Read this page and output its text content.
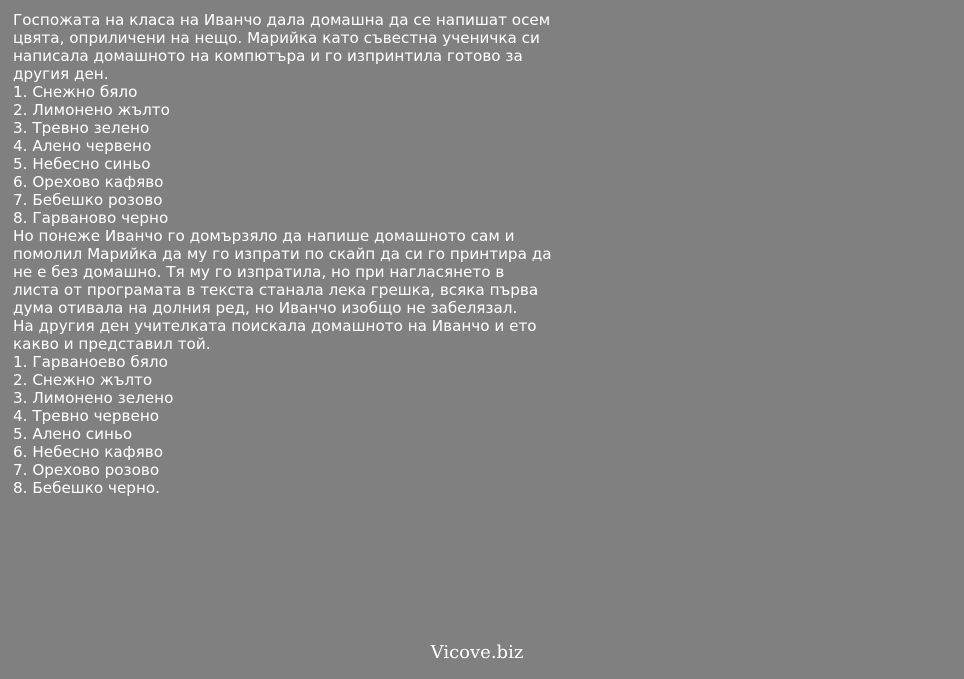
Госпожата на класа на Иванчо дала домашна да се напишат осем
цвята, оприличени на нещо. Марийка като съвестна ученичка си
написала домашното на компютъра и го изпринтила готово за
другия ден.
1. Снежно бяло
2. Лимонено жълто
3. Тревно зелено
4. Алено червено
5. Небесно синьо
6. Орехово кафяво
7. Бебешко розово
8. Гарваново черно
Но понеже Иванчо го домързяло да напише домашното сам и
помолил Марийка да му го изпрати по скайп да си го принтира да
не е без домашно. Тя му го изпратила, но при нагласянето в
листа от програмата в текста станала лека грешка, всяка първа
дума отивала на долния ред, но Иванчо изобщо не забелязал.
На другия ден учителката поискала домашното на Иванчо и ето
какво и представил той.
1. Гарваноево бяло
2. Снежно жълто
3. Лимонено зелено
4. Тревно червено
5. Алено синьо
6. Небесно кафяво
7. Орехово розово
8. Бебешко черно.

Vicove.biz
